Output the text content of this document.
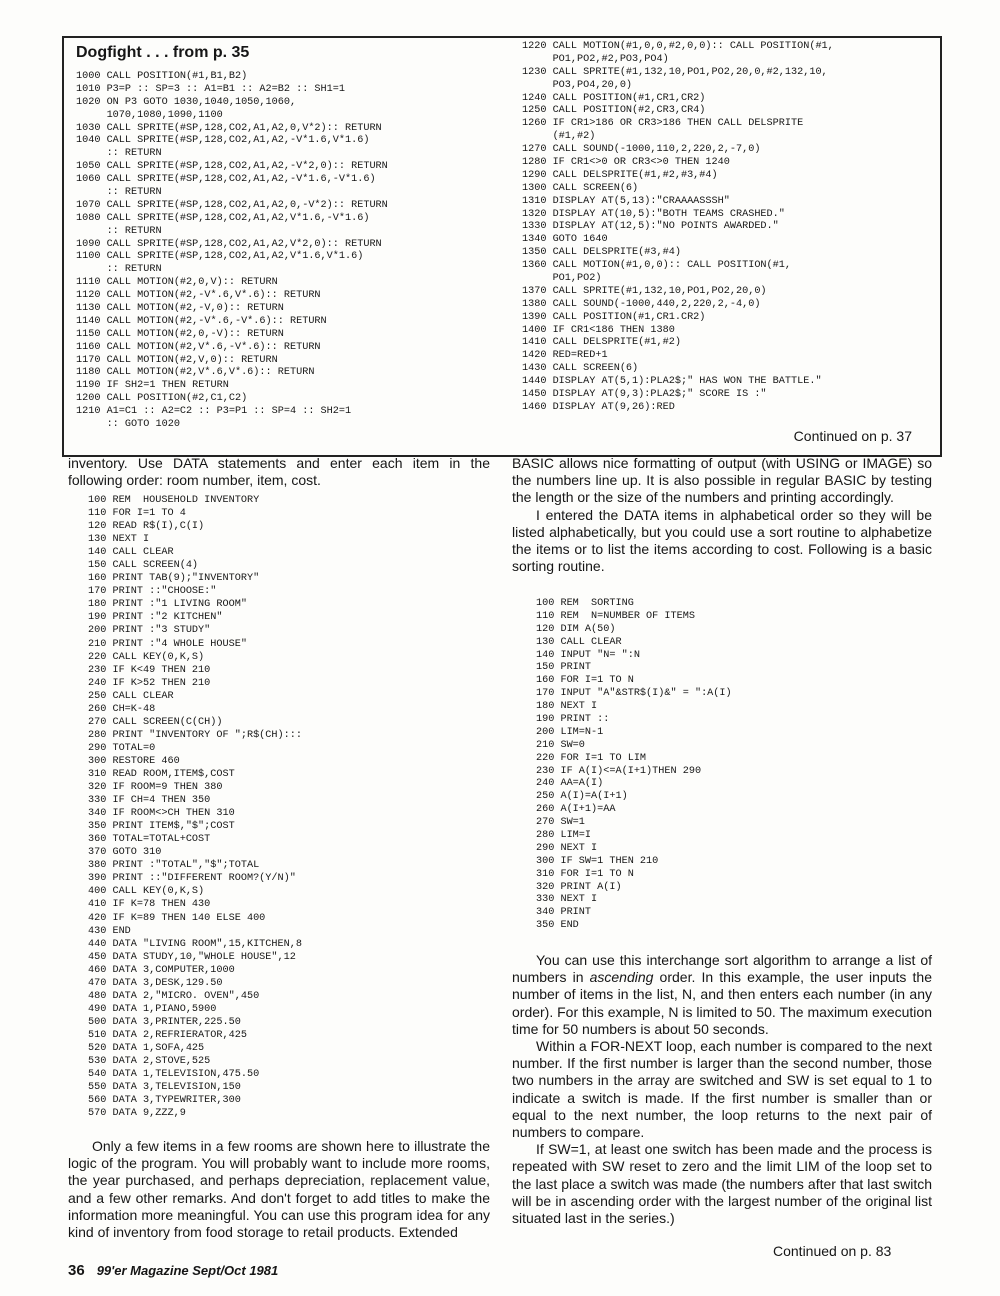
Dogfight . . . from p. 35
1000 CALL POSITION(#1,B1,B2)
1010 P3=P :: SP=3 :: A1=B1 :: A2=B2 :: SH1=1
1020 ON P3 GOTO 1030,1040,1050,1060,
1070,1080,1090,1100
1030 CALL SPRITE(#SP,128,CO2,A1,A2,0,V*2):: RETURN
1040 CALL SPRITE(#SP,128,CO2,A1,A2,-V*1.6,V*1.6)
:: RETURN
1050 CALL SPRITE(#SP,128,CO2,A1,A2,-V*2,0):: RETURN
1060 CALL SPRITE(#SP,128,CO2,A1,A2,-V*1.6,-V*1.6)
:: RETURN
1070 CALL SPRITE(#SP,128,CO2,A1,A2,0,-V*2):: RETURN
1080 CALL SPRITE(#SP,128,CO2,A1,A2,V*1.6,-V*1.6)
:: RETURN
1090 CALL SPRITE(#SP,128,CO2,A1,A2,V*2,0):: RETURN
1100 CALL SPRITE(#SP,128,CO2,A1,A2,V*1.6,V*1.6)
:: RETURN
1110 CALL MOTION(#2,0,V):: RETURN
1120 CALL MOTION(#2,-V*.6,V*.6):: RETURN
1130 CALL MOTION(#2,-V,0):: RETURN
1140 CALL MOTION(#2,-V*.6,-V*.6):: RETURN
1150 CALL MOTION(#2,0,-V):: RETURN
1160 CALL MOTION(#2,V*.6,-V*.6):: RETURN
1170 CALL MOTION(#2,V,0):: RETURN
1180 CALL MOTION(#2,V*.6,V*.6):: RETURN
1190 IF SH2=1 THEN RETURN
1200 CALL POSITION(#2,C1,C2)
1210 A1=C1 :: A2=C2 :: P3=P1 :: SP=4 :: SH2=1
:: GOTO 1020
1220 CALL MOTION(#1,0,0,#2,0,0):: CALL POSITION(#1,
PO1,PO2,#2,PO3,PO4)
1230 CALL SPRITE(#1,132,10,PO1,PO2,20,0,#2,132,10,
PO3,PO4,20,0)
1240 CALL POSITION(#1,CR1,CR2)
1250 CALL POSITION(#2,CR3,CR4)
1260 IF CR1>186 OR CR3>186 THEN CALL DELSPRITE
(#1,#2)
1270 CALL SOUND(-1000,110,2,220,2,-7,0)
1280 IF CR1<>0 OR CR3<>0 THEN 1240
1290 CALL DELSPRITE(#1,#2,#3,#4)
1300 CALL SCREEN(6)
1310 DISPLAY AT(5,13):"CRAAAASSSH"
1320 DISPLAY AT(10,5):"BOTH TEAMS CRASHED."
1330 DISPLAY AT(12,5):"NO POINTS AWARDED."
1340 GOTO 1640
1350 CALL DELSPRITE(#3,#4)
1360 CALL MOTION(#1,0,0):: CALL POSITION(#1,
PO1,PO2)
1370 CALL SPRITE(#1,132,10,PO1,PO2,20,0)
1380 CALL SOUND(-1000,440,2,220,2,-4,0)
1390 CALL POSITION(#1,CR1.CR2)
1400 IF CR1<186 THEN 1380
1410 CALL DELSPRITE(#1,#2)
1420 RED=RED+1
1430 CALL SCREEN(6)
1440 DISPLAY AT(5,1):PLA2$;" HAS WON THE BATTLE."
1450 DISPLAY AT(9,3):PLA2$;" SCORE IS :"
1460 DISPLAY AT(9,26):RED
Continued on p. 37

inventory. Use DATA statements and enter each item in the following order: room number, item, cost.

100 REM  HOUSEHOLD INVENTORY
110 FOR I=1 TO 4
120 READ R$(I),C(I)
130 NEXT I
140 CALL CLEAR
150 CALL SCREEN(4)
160 PRINT TAB(9);"INVENTORY"
170 PRINT ::"CHOOSE:"
180 PRINT :"1 LIVING ROOM"
190 PRINT :"2 KITCHEN"
200 PRINT :"3 STUDY"
210 PRINT :"4 WHOLE HOUSE"
220 CALL KEY(0,K,S)
230 IF K<49 THEN 210
240 IF K>52 THEN 210
250 CALL CLEAR
260 CH=K-48
270 CALL SCREEN(C(CH))
280 PRINT "INVENTORY OF ";R$(CH):::
290 TOTAL=0
300 RESTORE 460
310 READ ROOM,ITEM$,COST
320 IF ROOM=9 THEN 380
330 IF CH=4 THEN 350
340 IF ROOM<>CH THEN 310
350 PRINT ITEM$,"$";COST
360 TOTAL=TOTAL+COST
370 GOTO 310
380 PRINT :"TOTAL","$";TOTAL
390 PRINT ::"DIFFERENT ROOM?(Y/N)"
400 CALL KEY(0,K,S)
410 IF K=78 THEN 430
420 IF K=89 THEN 140 ELSE 400
430 END
440 DATA "LIVING ROOM",15,KITCHEN,8
450 DATA STUDY,10,"WHOLE HOUSE",12
460 DATA 3,COMPUTER,1000
470 DATA 3,DESK,129.50
480 DATA 2,"MICRO. OVEN",450
490 DATA 1,PIANO,5900
500 DATA 3,PRINTER,225.50
510 DATA 2,REFRIERATOR,425
520 DATA 1,SOFA,425
530 DATA 2,STOVE,525
540 DATA 1,TELEVISION,475.50
550 DATA 3,TELEVISION,150
560 DATA 3,TYPEWRITER,300
570 DATA 9,ZZZ,9

Only a few items in a few rooms are shown here to illustrate the logic of the program. You will probably want to include more rooms, the year purchased, and perhaps depreciation, replacement value, and a few other remarks. And don't forget to add titles to make the information more meaningful. You can use this program idea for any kind of inventory from food storage to retail products. Extended

BASIC allows nice formatting of output (with USING or IMAGE) so the numbers line up. It is also possible in regular BASIC by testing the length or the size of the numbers and printing accordingly.

I entered the DATA items in alphabetical order so they will be listed alphabetically, but you could use a sort routine to alphabetize the items or to list the items according to cost. Following is a basic sorting routine.

100 REM  SORTING
110 REM  N=NUMBER OF ITEMS
120 DIM A(50)
130 CALL CLEAR
140 INPUT "N= ":N
150 PRINT
160 FOR I=1 TO N
170 INPUT "A"&STR$(I)&" = ":A(I)
180 NEXT I
190 PRINT ::
200 LIM=N-1
210 SW=0
220 FOR I=1 TO LIM
230 IF A(I)<=A(I+1)THEN 290
240 AA=A(I)
250 A(I)=A(I+1)
260 A(I+1)=AA
270 SW=1
280 LIM=I
290 NEXT I
300 IF SW=1 THEN 210
310 FOR I=1 TO N
320 PRINT A(I)
330 NEXT I
340 PRINT
350 END

You can use this interchange sort algorithm to arrange a list of numbers in ascending order. In this example, the user inputs the number of items in the list, N, and then enters each number (in any order). For this example, N is limited to 50. The maximum execution time for 50 numbers is about 50 seconds.

Within a FOR-NEXT loop, each number is compared to the next number. If the first number is larger than the second number, those two numbers in the array are switched and SW is set equal to 1 to indicate a switch is made. If the first number is smaller than or equal to the next number, the loop returns to the next pair of numbers to compare.

If SW=1, at least one switch has been made and the process is repeated with SW reset to zero and the limit LIM of the loop set to the last place a switch was made (the numbers after that last switch will be in ascending order with the largest number of the original list situated last in the series.)

Continued on p. 83
36 99'er Magazine Sept/Oct 1981
